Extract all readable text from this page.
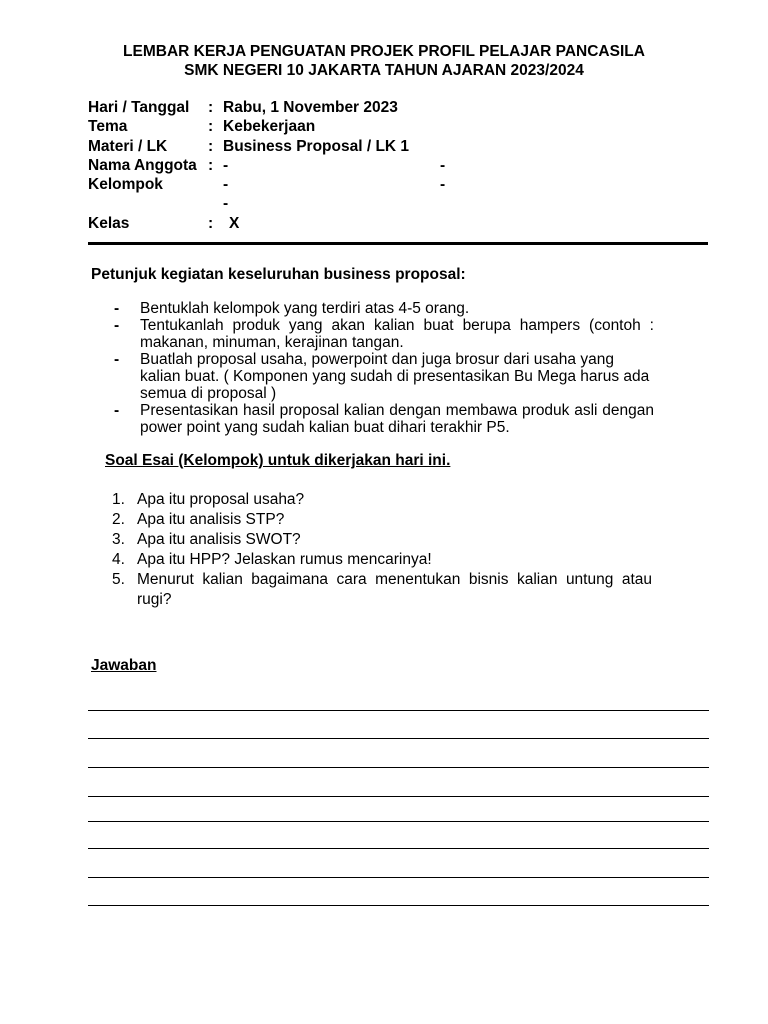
LEMBAR KERJA PENGUATAN PROJEK PROFIL PELAJAR PANCASILA
SMK NEGERI 10 JAKARTA TAHUN AJARAN 2023/2024
Hari / Tanggal : Rabu, 1 November 2023
Tema	: Kebekerjaan
Materi / LK	: Business Proposal / LK 1
Nama Anggota : -	-
Kelompok	-	-
-
Kelas	: X
Petunjuk kegiatan keseluruhan business proposal:
- Bentuklah kelompok yang terdiri atas 4-5 orang.
- Tentukanlah produk yang akan kalian buat berupa hampers (contoh : makanan, minuman, kerajinan tangan.
- Buatlah proposal usaha, powerpoint dan juga brosur dari usaha yang kalian buat. ( Komponen yang sudah di presentasikan Bu Mega harus ada semua di proposal )
- Presentasikan hasil proposal kalian dengan membawa produk asli dengan power point yang sudah kalian buat dihari terakhir P5.
Soal Esai (Kelompok) untuk dikerjakan hari ini.
1. Apa itu proposal usaha?
2. Apa itu analisis STP?
3. Apa itu analisis SWOT?
4. Apa itu HPP? Jelaskan rumus mencarinya!
5. Menurut kalian bagaimana cara menentukan bisnis kalian untung atau rugi?
Jawaban
